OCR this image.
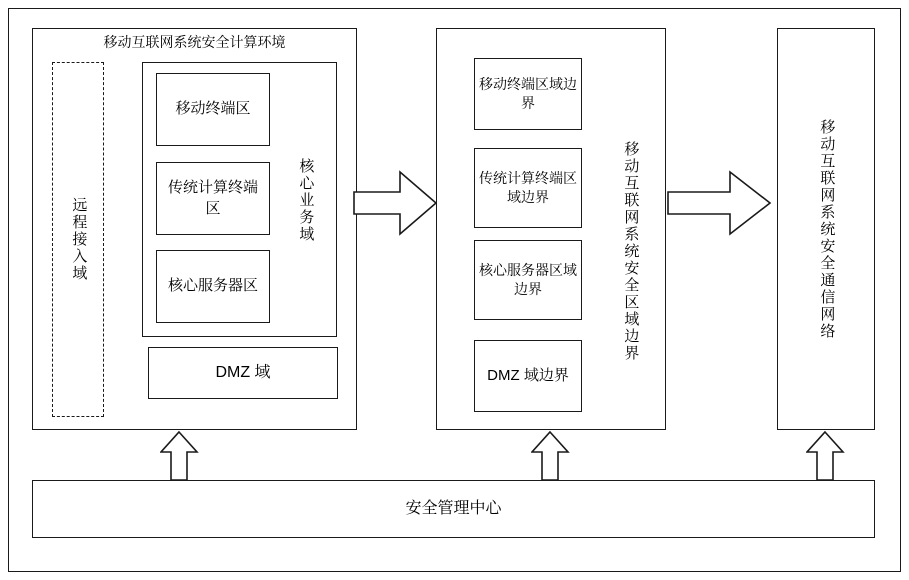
移动互联网系统安全计算环境
远程接入域	核心业务域
移动终端区
传统计算终端区
核心服务器区
DMZ 域
移动终端区域边界
传统计算终端区域边界
核心服务器区域边界
DMZ 域边界
移动互联网系统安全区域边界	移动互联网系统安全通信网络
安全管理中心
